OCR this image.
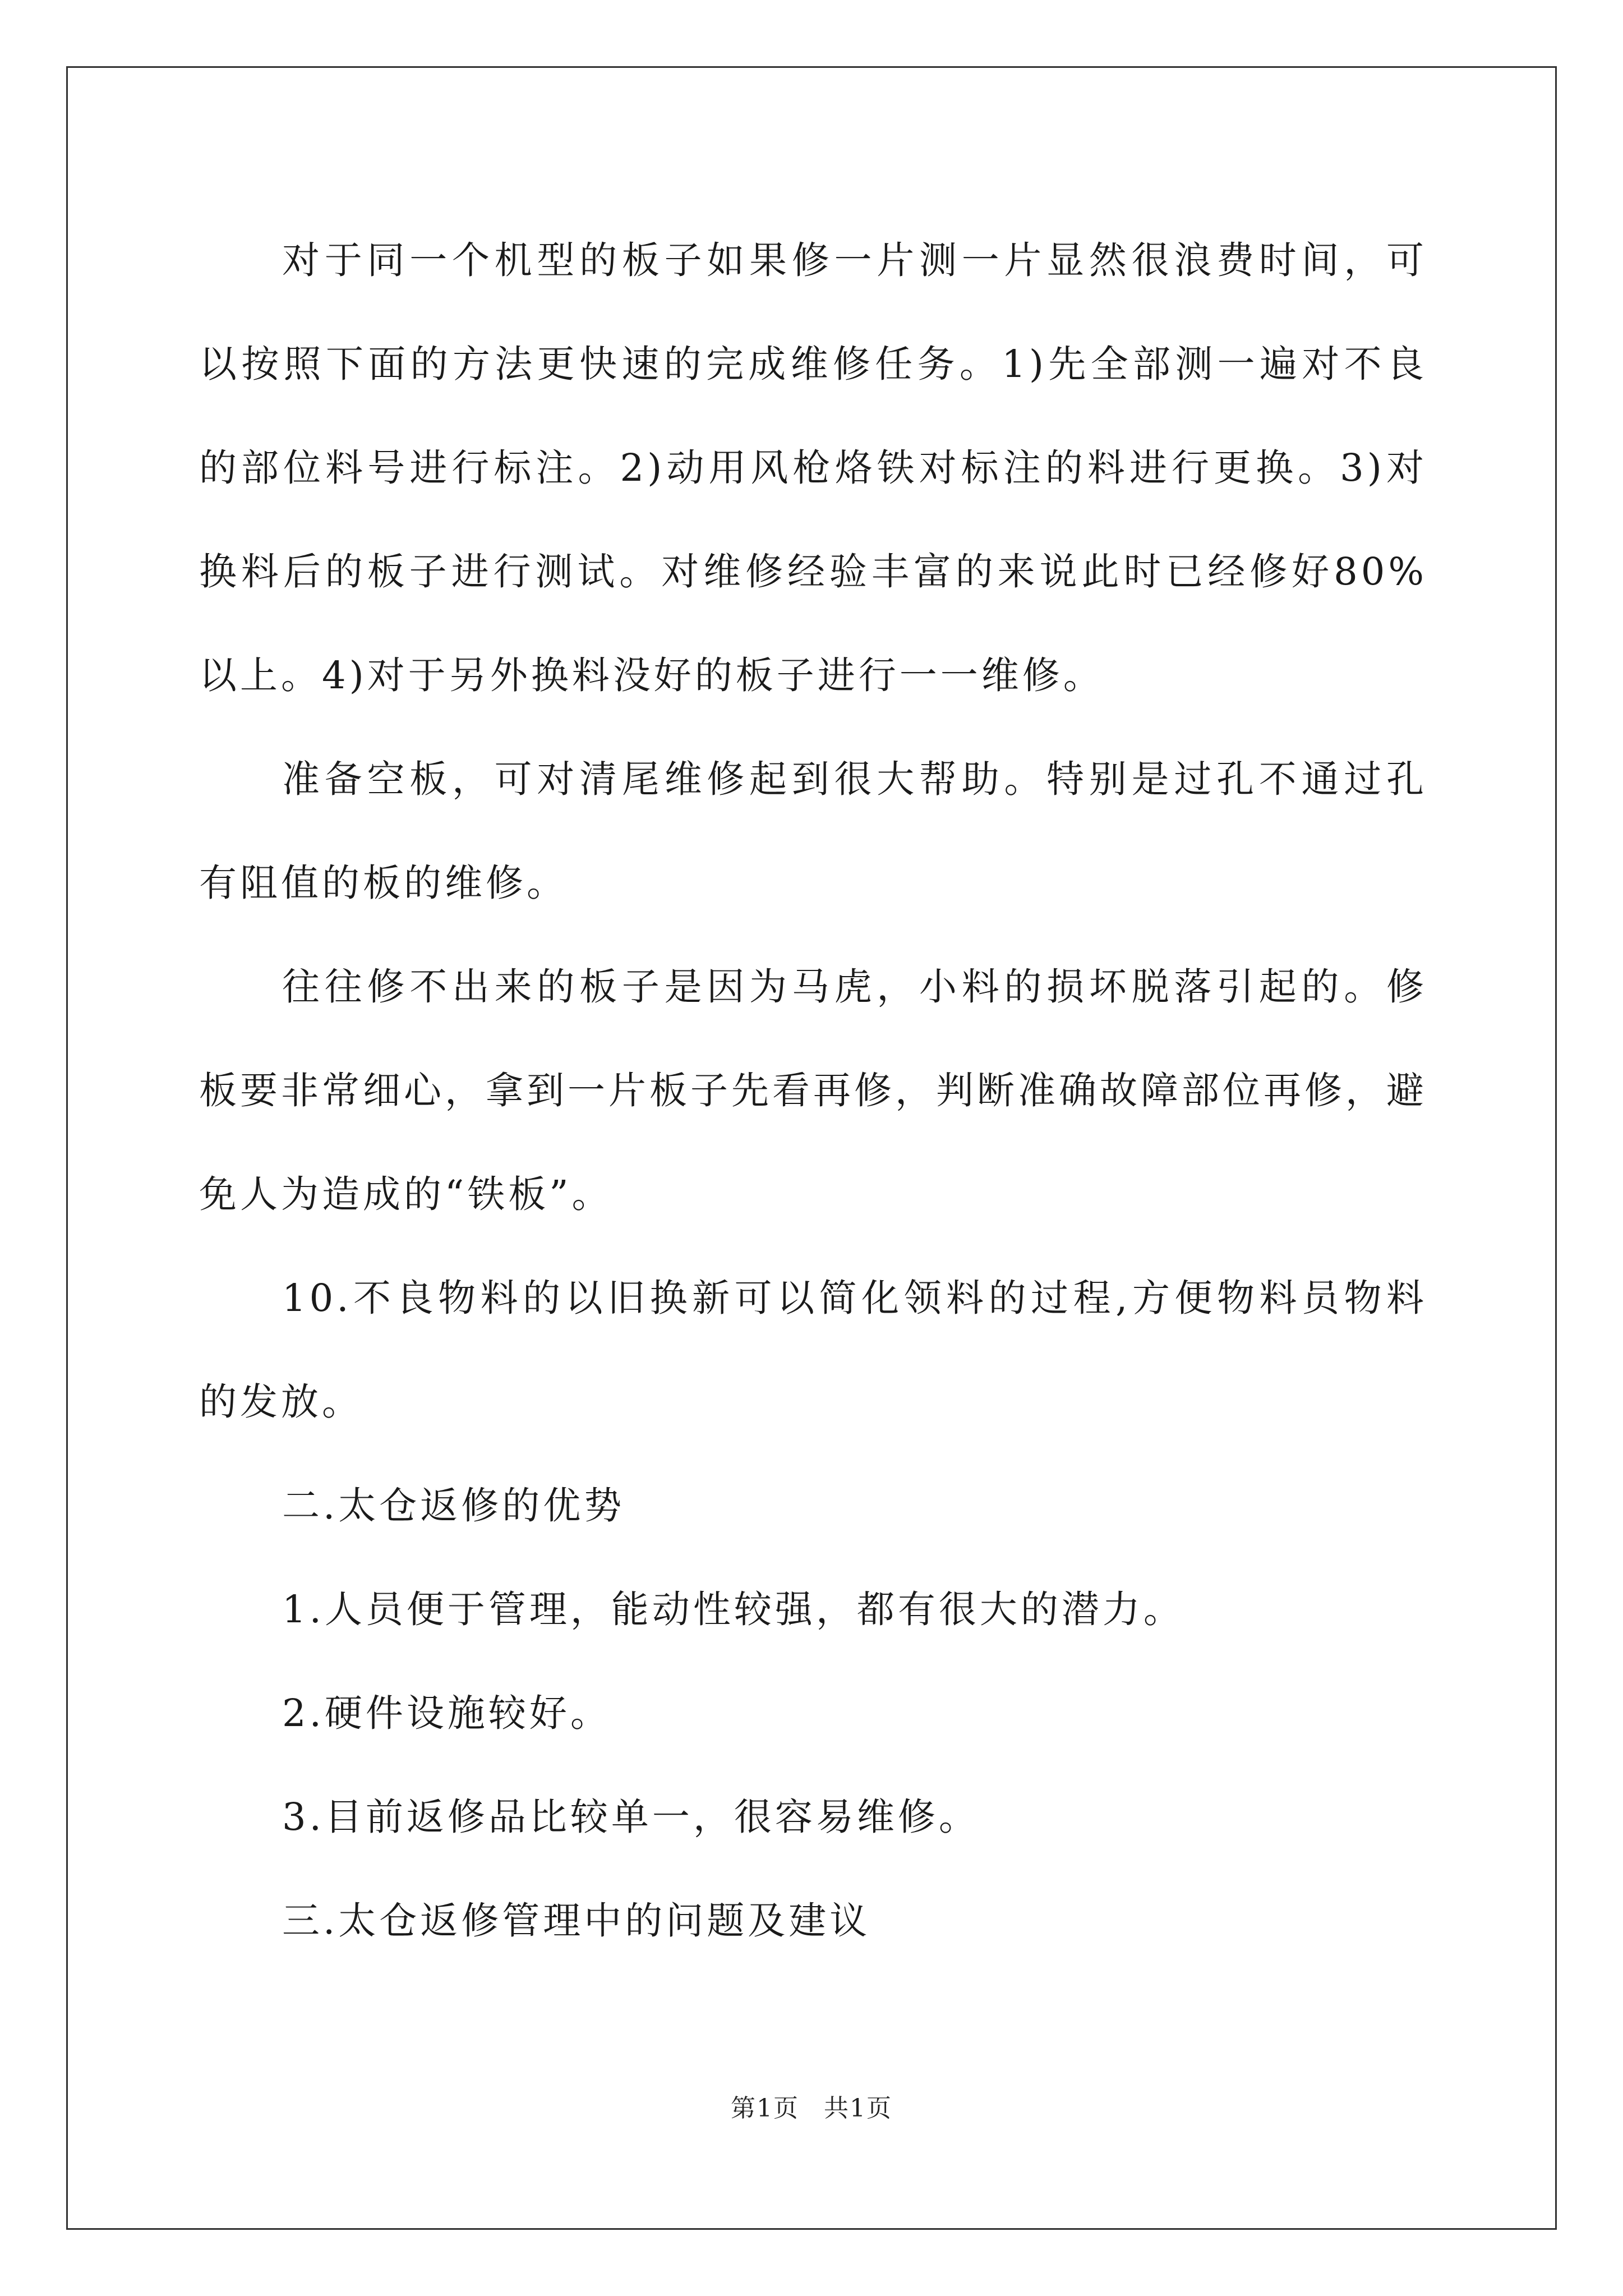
对于同一个机型的板子如果修一片测一片显然很浪费时间，可以按照下面的方法更快速的完成维修任务。1)先全部测一遍对不良的部位料号进行标注。2)动用风枪烙铁对标注的料进行更换。3)对换料后的板子进行测试。对维修经验丰富的来说此时已经修好80%以上。4)对于另外换料没好的板子进行一一维修。

准备空板，可对清尾维修起到很大帮助。特别是过孔不通过孔有阻值的板的维修。

往往修不出来的板子是因为马虎，小料的损坏脱落引起的。修板要非常细心，拿到一片板子先看再修，判断准确故障部位再修，避免人为造成的“铁板”。

10.不良物料的以旧换新可以简化领料的过程,方便物料员物料的发放。

二.太仓返修的优势

1.人员便于管理，能动性较强，都有很大的潜力。

2.硬件设施较好。

3.目前返修品比较单一，很容易维修。

三.太仓返修管理中的问题及建议

第1页 共1页
